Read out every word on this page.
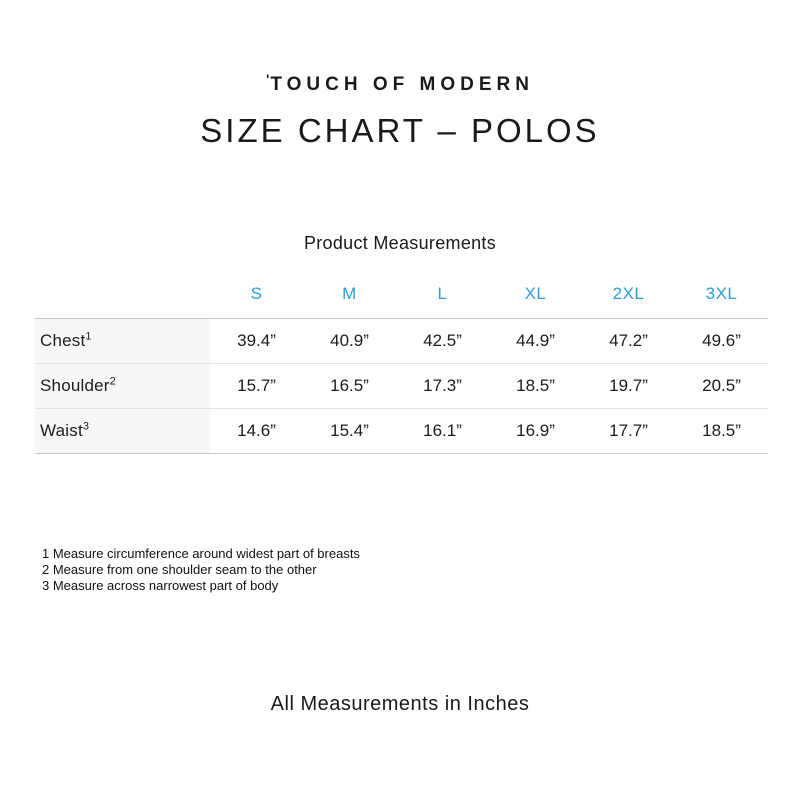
'TOUCH OF MODERN
SIZE CHART – POLOS
Product Measurements
	S	M	L	XL	2XL	3XL
Chest$^1$	39.4”	40.9”	42.5”	44.9”	47.2”	49.6”
Shoulder$^2$	15.7”	16.5”	17.3”	18.5”	19.7”	20.5”
Waist$^3$	14.6”	15.4”	16.1”	16.9”	17.7”	18.5”
1 Measure circumference around widest part of breasts
2 Measure from one shoulder seam to the other
3 Measure across narrowest part of body
All Measurements in Inches
